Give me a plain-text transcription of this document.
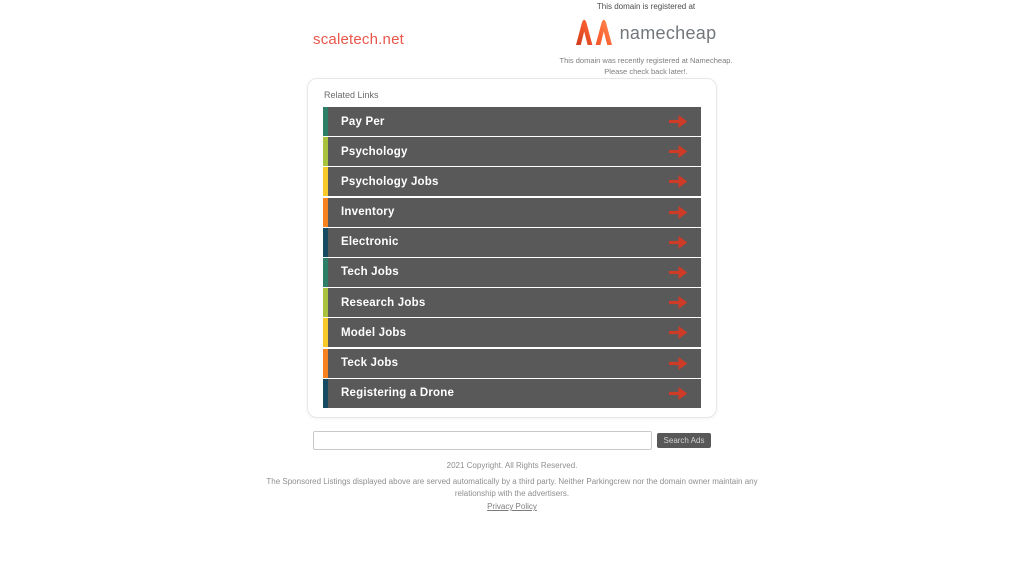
scaletech.net
This domain is registered at
namecheap
This domain was recently registered at Namecheap.
Please check back later!.
Related Links
Pay Per
Psychology
Psychology Jobs
Inventory
Electronic
Tech Jobs
Research Jobs
Model Jobs
Teck Jobs
Registering a Drone
Search Ads
2021 Copyright. All Rights Reserved.
The Sponsored Listings displayed above are served automatically by a third party. Neither Parkingcrew nor the domain owner maintain any relationship with the advertisers.
Privacy Policy
